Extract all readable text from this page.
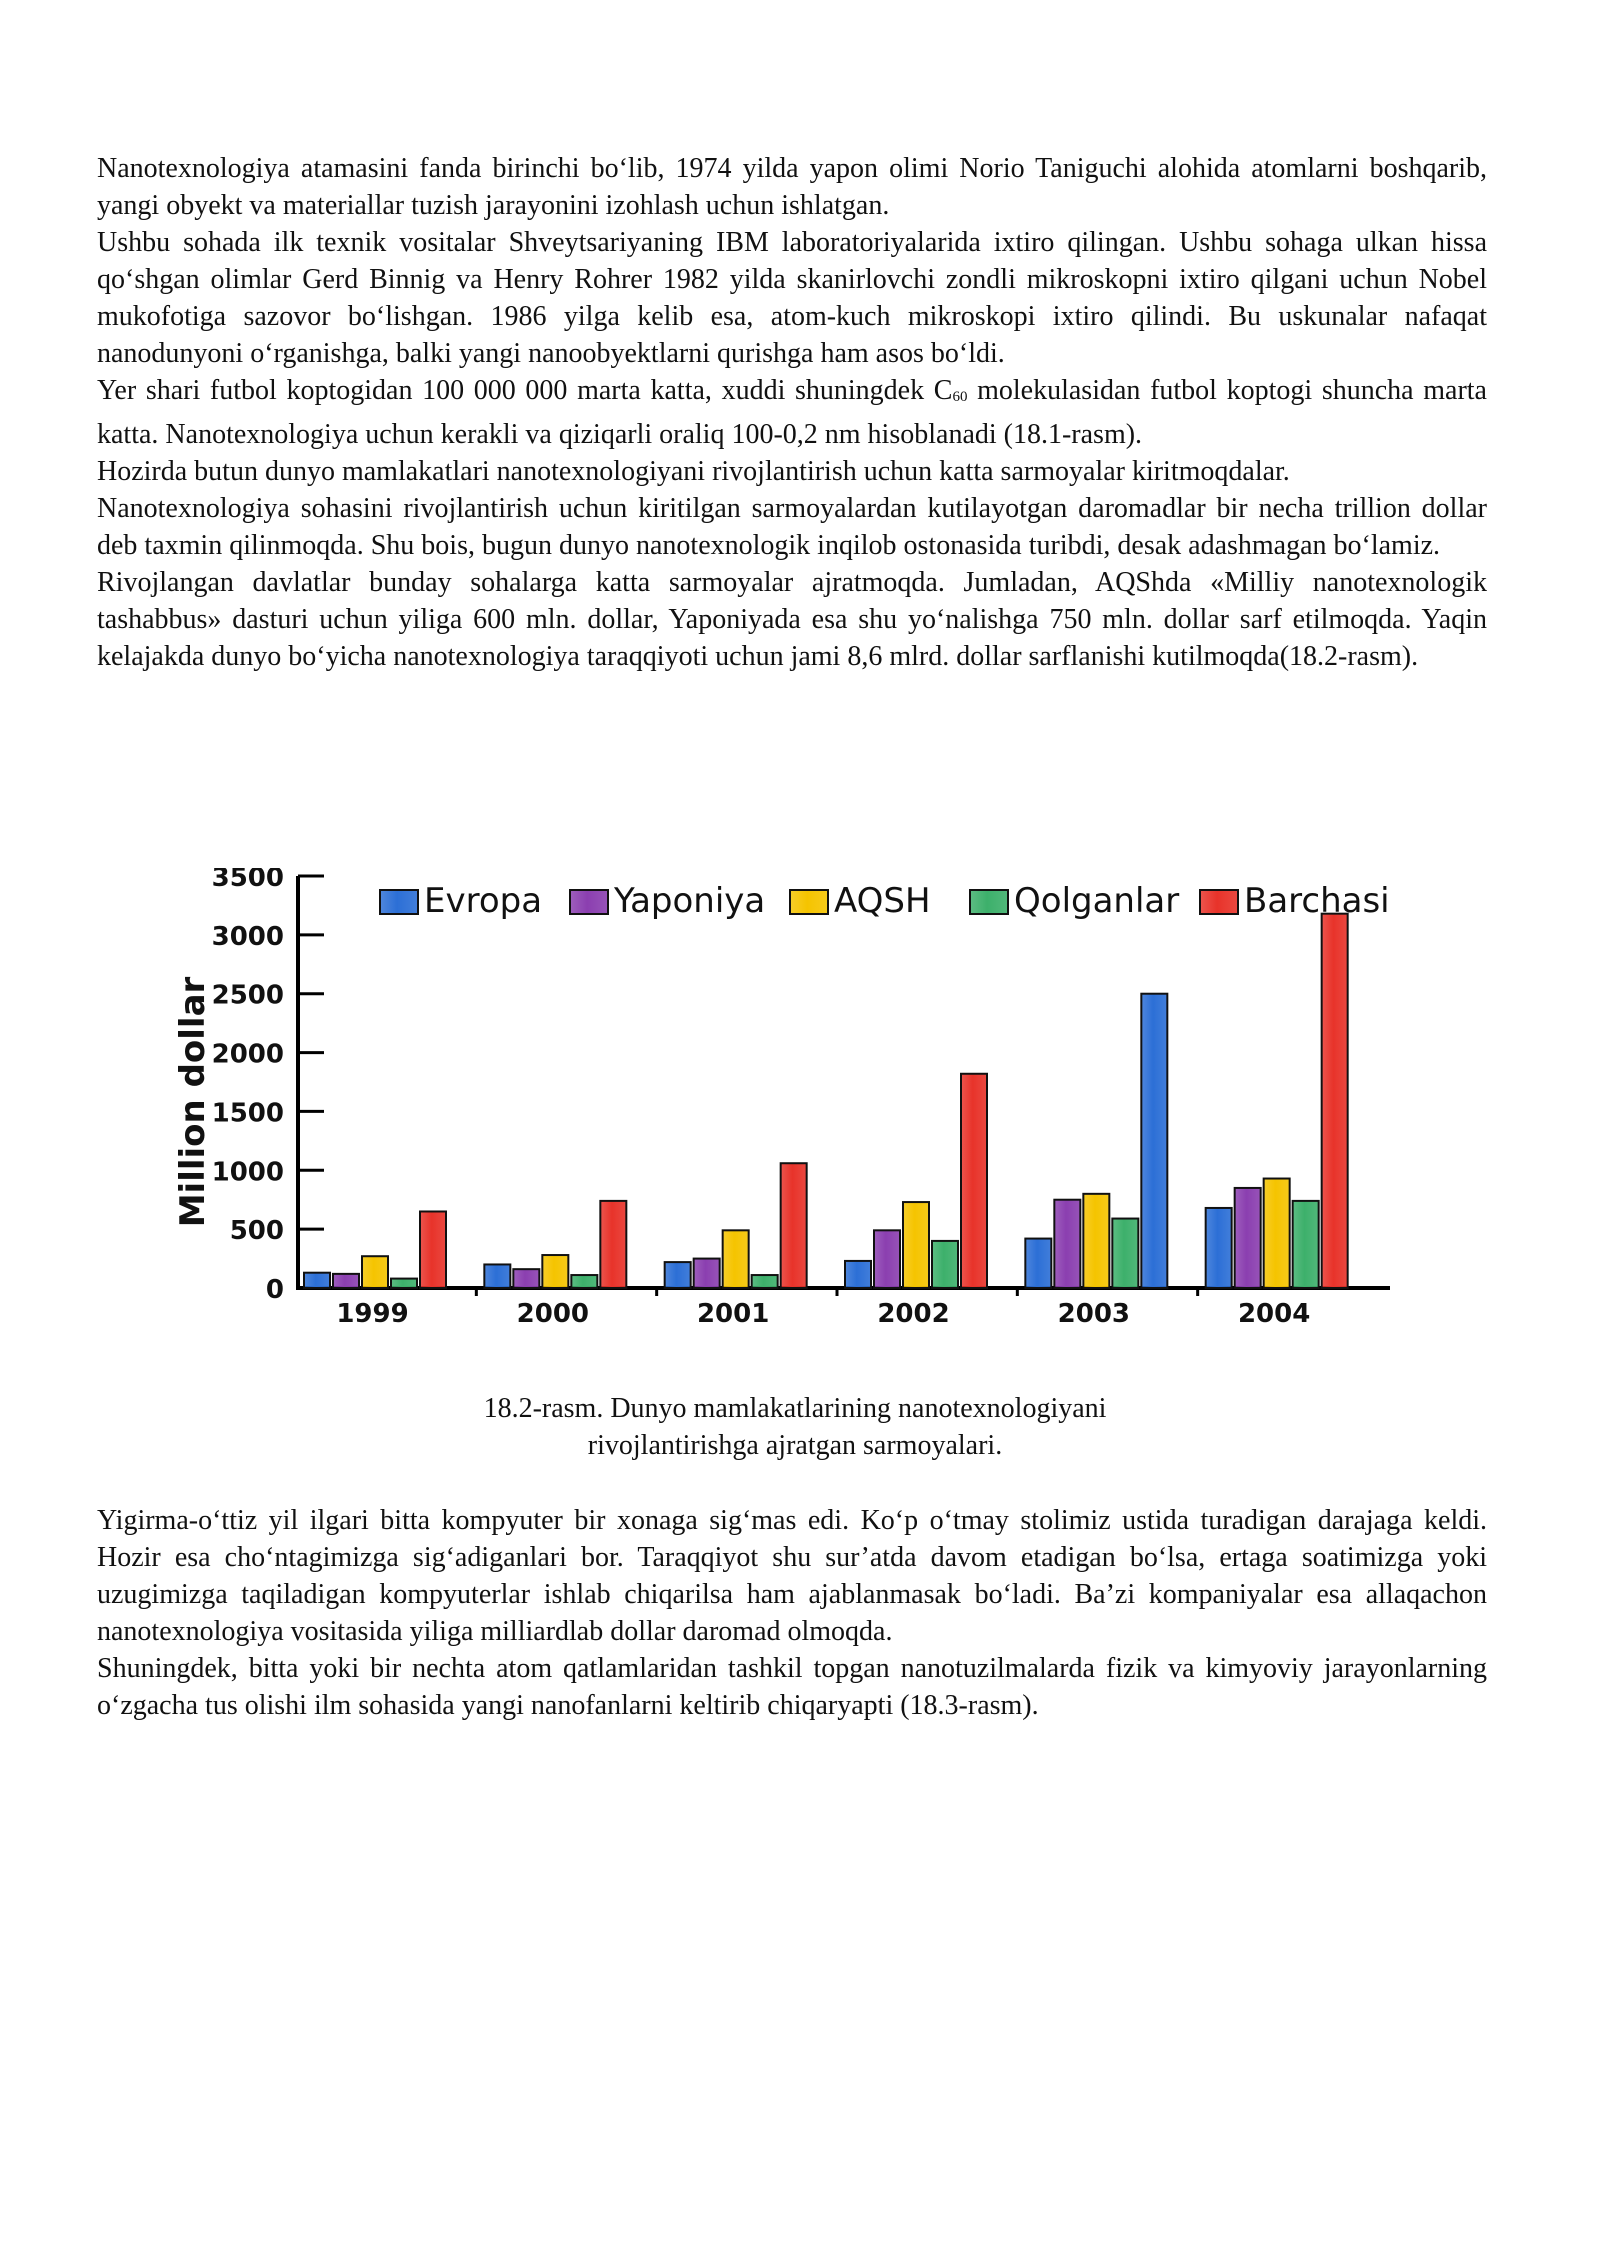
Nanotexnologiya atamasini fanda birinchi bo‘lib, 1974 yilda yapon olimi Norio Taniguchi alohida atomlarni boshqarib, yangi obyekt va materiallar tuzish jarayonini izohlash uchun ishlatgan.

Ushbu sohada ilk texnik vositalar Shveytsariyaning IBM laboratoriyalarida ixtiro qilingan. Ushbu sohaga ulkan hissa qo‘shgan olimlar Gerd Binnig va Henry Rohrer 1982 yilda skanirlovchi zondli mikroskopni ixtiro qilgani uchun Nobel mukofotiga sazovor bo‘lishgan. 1986 yilga kelib esa, atom-kuch mikroskopi ixtiro qilindi. Bu uskunalar nafaqat nanodunyoni o‘rganishga, balki yangi nanoobyektlarni qurishga ham asos bo‘ldi.

Yer shari futbol koptogidan 100 000 000 marta katta, xuddi shuningdek $C_{60}$ molekulasidan futbol koptogi shuncha marta katta. Nanotexnologiya uchun kerakli va qiziqarli oraliq 100-0,2 nm hisoblanadi (18.1-rasm).

Hozirda butun dunyo mamlakatlari nanotexnologiyani rivojlantirish uchun katta sarmoyalar kiritmoqdalar.

Nanotexnologiya sohasini rivojlantirish uchun kiritilgan sarmoyalardan kutilayotgan daromadlar bir necha trillion dollar deb taxmin qilinmoqda. Shu bois, bugun dunyo nanotexnologik inqilob ostonasida turibdi, desak adashmagan bo‘lamiz.

Rivojlangan davlatlar bunday sohalarga katta sarmoyalar ajratmoqda. Jumladan, AQShda «Milliy nanotexnologik tashabbus» dasturi uchun yiliga 600 mln. dollar, Yaponiyada esa shu yo‘nalishga 750 mln. dollar sarf etilmoqda. Yaqin kelajakda dunyo bo‘yicha nanotexnologiya taraqqiyoti uchun jami 8,6 mlrd. dollar sarflanishi kutilmoqda(18.2-rasm).

0
500
1000
1500
2000
2500
3000
3500
Million dollar
1999	2000	2001	2002	2003	2004
Evropa Yaponiya AQSH Qolganlar Barchasi
18.2-rasm. Dunyo mamlakatlarining nanotexnologiyani
rivojlantirishga ajratgan sarmoyalari.

Yigirma-o‘ttiz yil ilgari bitta kompyuter bir xonaga sig‘mas edi. Ko‘p o‘tmay stolimiz ustida turadigan darajaga keldi. Hozir esa cho‘ntagimizga sig‘adiganlari bor. Taraqqiyot shu sur’atda davom etadigan bo‘lsa, ertaga soatimizga yoki uzugimizga taqiladigan kompyuterlar ishlab chiqarilsa ham ajablanmasak bo‘ladi. Ba’zi kompaniyalar esa allaqachon nanotexnologiya vositasida yiliga milliardlab dollar daromad olmoqda.

Shuningdek, bitta yoki bir nechta atom qatlamlaridan tashkil topgan nanotuzilmalarda fizik va kimyoviy jarayonlarning o‘zgacha tus olishi ilm sohasida yangi nanofanlarni keltirib chiqaryapti (18.3-rasm).
